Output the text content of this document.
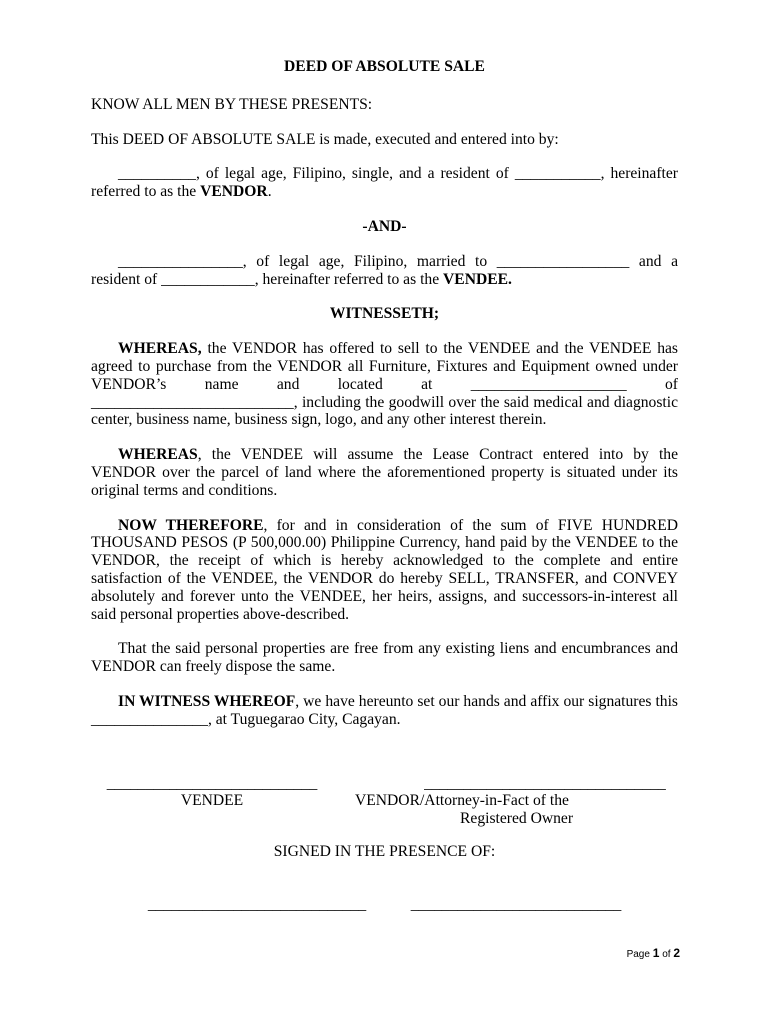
DEED OF ABSOLUTE SALE
KNOW ALL MEN BY THESE PRESENTS:
This DEED OF ABSOLUTE SALE is made, executed and entered into by:
__________, of legal age, Filipino, single, and a resident of ___________, hereinafter referred to as the VENDOR.
-AND-
________________, of legal age, Filipino, married to _________________ and a resident of ____________, hereinafter referred to as the VENDEE.
WITNESSETH;
WHEREAS, the VENDOR has offered to sell to the VENDEE and the VENDEE has agreed to purchase from the VENDOR all Furniture, Fixtures and Equipment owned under VENDOR’s name and located at ____________________ of __________________________, including the goodwill over the said medical and diagnostic center, business name, business sign, logo, and any other interest therein.
WHEREAS, the VENDEE will assume the Lease Contract entered into by the VENDOR over the parcel of land where the aforementioned property is situated under its original terms and conditions.
NOW THEREFORE, for and in consideration of the sum of FIVE HUNDRED THOUSAND PESOS (P 500,000.00) Philippine Currency, hand paid by the VENDEE to the VENDOR, the receipt of which is hereby acknowledged to the complete and entire satisfaction of the VENDEE, the VENDOR do hereby SELL, TRANSFER, and CONVEY absolutely and forever unto the VENDEE, her heirs, assigns, and successors-in-interest all said personal properties above-described.
That the said personal properties are free from any existing liens and encumbrances and VENDOR can freely dispose the same.
IN WITNESS WHEREOF, we have hereunto set our hands and affix our signatures this _______________, at Tuguegarao City, Cagayan.
___________________________
VENDEE
_______________________________
VENDOR/Attorney-in-Fact of the
Registered Owner
SIGNED IN THE PRESENCE OF:
____________________________	___________________________
Page 1 of 2
